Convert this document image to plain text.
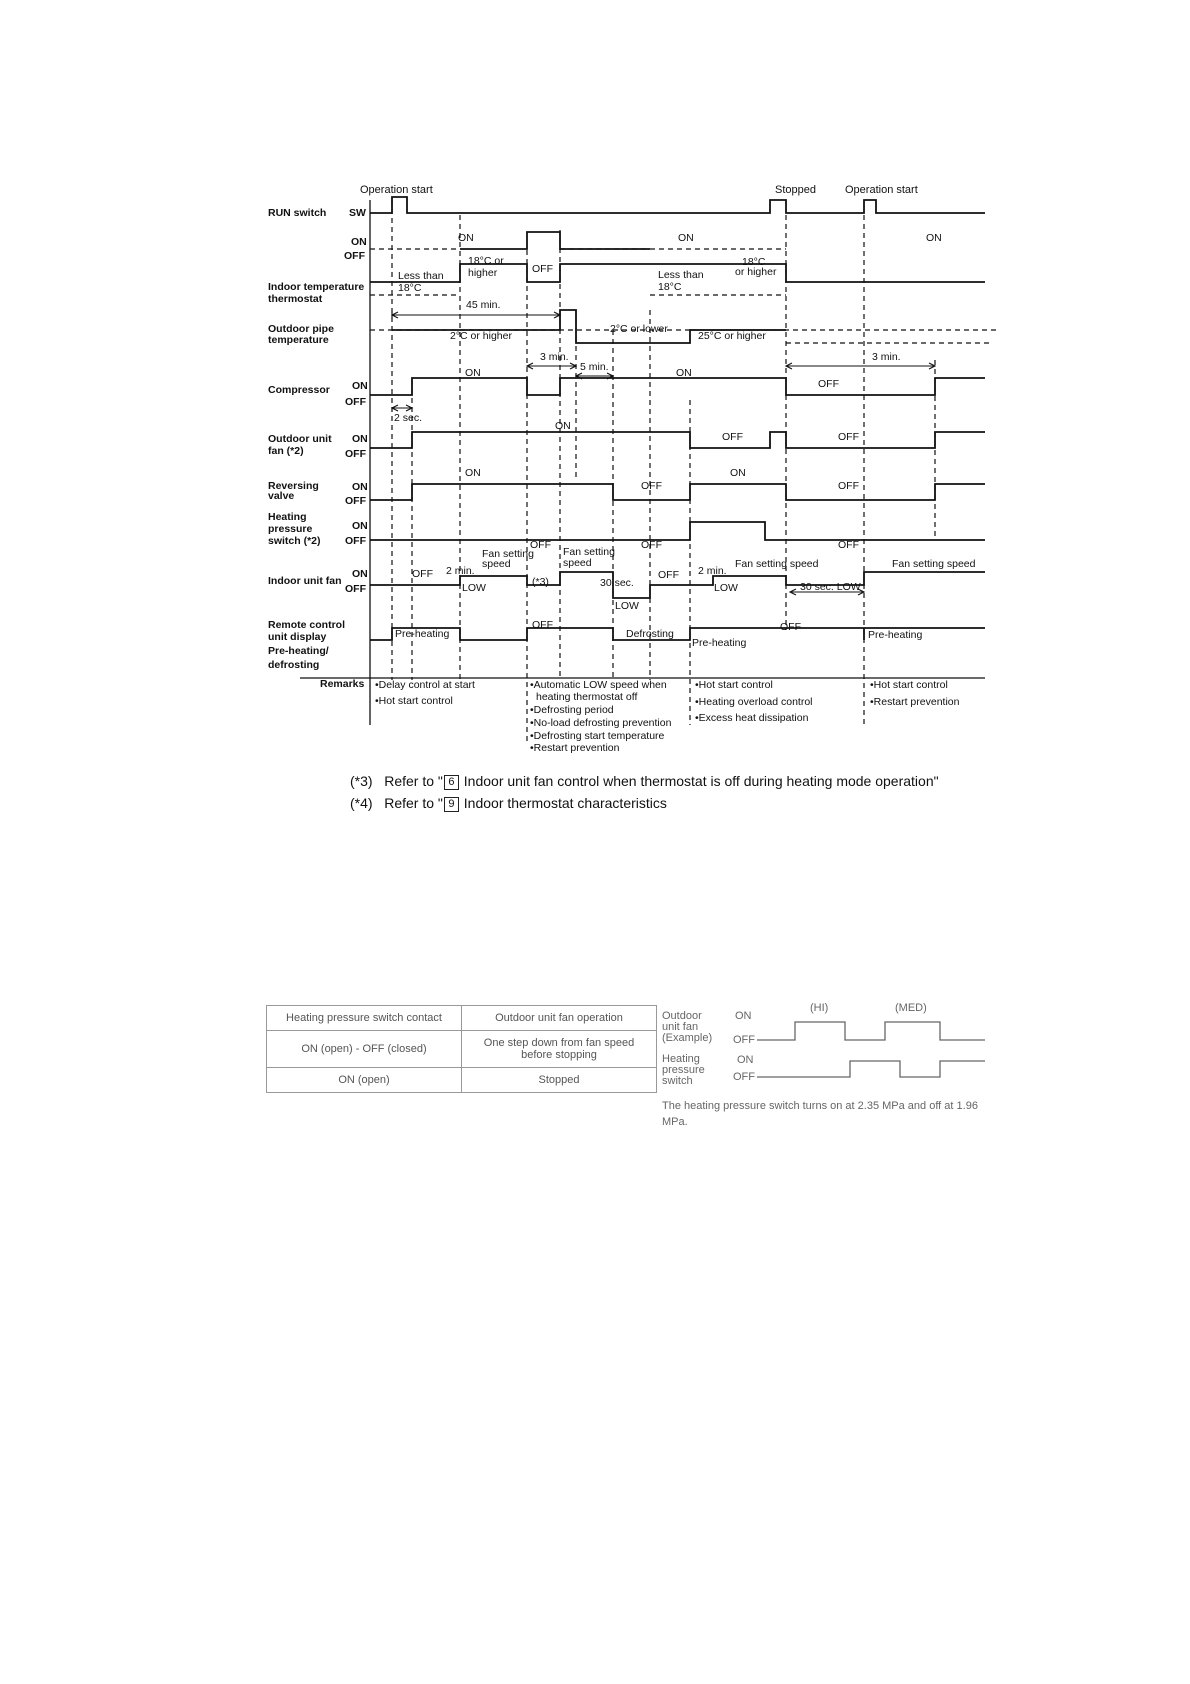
Operation start	Stopped	Operation start
RUN switch SW
ON
OFF
Indoor temperature
thermostat
Outdoor pipe
temperature
Compressor ON
OFF
Outdoor unit
fan (*2)
ON
OFF
Reversing
valve
ON
OFF
Heating
pressure
switch (*2)
ON
OFF
Indoor unit fan
ON
OFF
Remote control
unit display
Pre-heating/
defrosting
Remarks
ON	ON	ON
OFF
Less than
18°C
18°C or
higher	Less than
18°C
18°C
or higher
45 min.
2°C or higher
2°C or lower
25°C or higher
3 min.
5 min.
3 min.
ON	ON
OFF
2 sec.
ON
OFF	OFF
ON
OFF
ON
OFF
OFF	OFF	OFF
OFF 2 min.
LOW
Fan setting
speed
(*3)
Fan setting
speed
30 sec.
LOW
OFF 2 min.
Fan setting speed
LOW	30 sec. LOW
Fan setting speed
Pre-heating
OFF
Defrosting
Pre-heating
OFF
Pre-heating
•Delay control at start
•Hot start control
•Automatic LOW speed when
heating thermostat off
•Defrosting period
•No-load defrosting prevention
•Defrosting start temperature
•Restart prevention
•Hot start control
•Heating overload control
•Excess heat dissipation
•Hot start control
•Restart prevention
(*3) Refer to " 6 Indoor unit fan control when thermostat is off during heating mode operation"
(*4) Refer to " 9 Indoor thermostat characteristics
Heating pressure switch contact	Outdoor unit fan operation
ON (open) - OFF (closed)	One step down from fan speed before stopping
ON (open)	Stopped
Outdoor
unit fan
(Example)
ON
OFF
(HI)	(MED)
Heating
pressure
switch
ON
OFF
The heating pressure switch turns on at 2.35 MPa and off at 1.96 MPa.
